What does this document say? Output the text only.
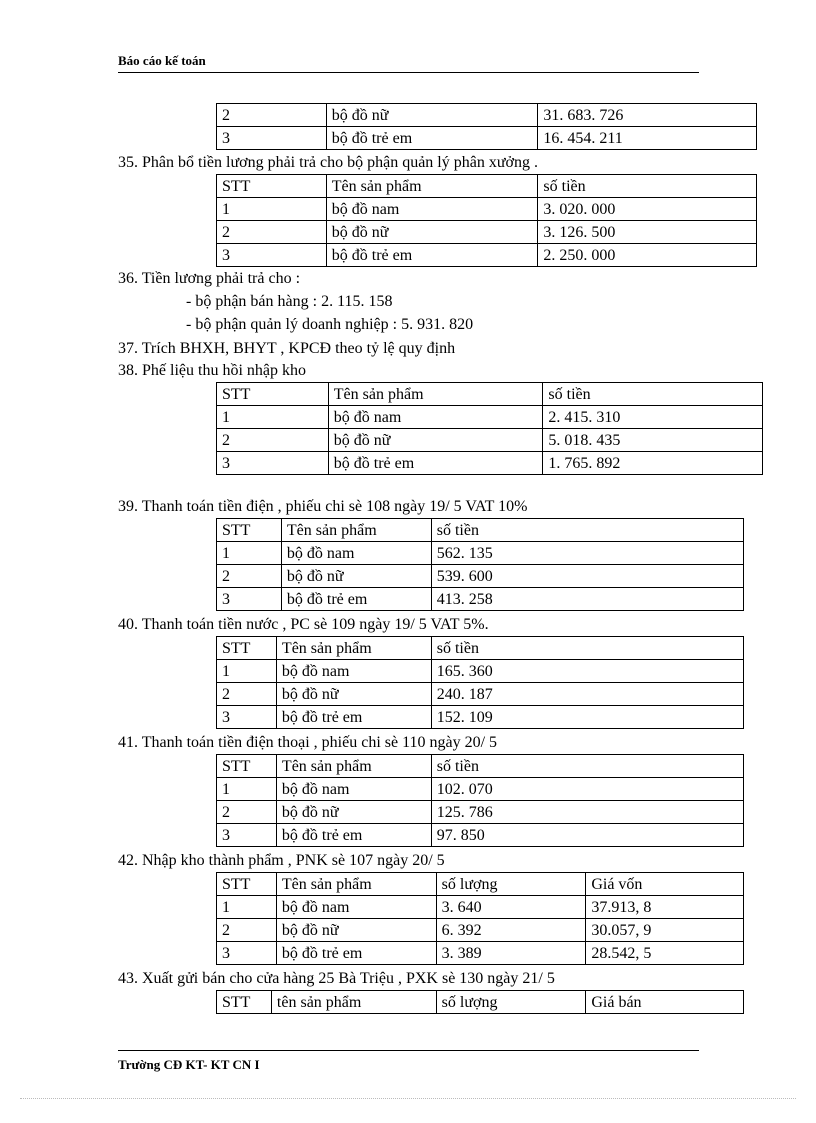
Báo cáo kế toán
2	bộ đồ nữ	31. 683. 726
3	bộ đồ trẻ em	16. 454. 211
35. Phân bổ tiền lương phải trả cho bộ phận quản lý phân xưởng .
STT	Tên sản phẩm	số tiền
1	bộ đồ nam	3. 020. 000
2	bộ đồ nữ	3. 126. 500
3	bộ đồ trẻ em	2. 250. 000
36. Tiền lương phải trả cho :
- bộ phận bán hàng : 2. 115. 158
- bộ phận quản lý doanh nghiệp : 5. 931. 820
37. Trích BHXH, BHYT , KPCĐ theo tỷ lệ quy định
38. Phế liệu thu hồi nhập kho
STT	Tên sản phẩm	số tiền
1	bộ đồ nam	2. 415. 310
2	bộ đồ nữ	5. 018. 435
3	bộ đồ trẻ em	1. 765. 892
39. Thanh toán tiền điện , phiếu chi sè 108 ngày 19/ 5 VAT 10%
STT	Tên sản phẩm	số tiền
1	bộ đồ nam	562. 135
2	bộ đồ nữ	539. 600
3	bộ đồ trẻ em	413. 258
40. Thanh toán tiền nước , PC sè 109 ngày 19/ 5 VAT 5%.
STT	Tên sản phẩm	số tiền
1	bộ đồ nam	165. 360
2	bộ đồ nữ	240. 187
3	bộ đồ trẻ em	152. 109
41. Thanh toán tiền điện thoại , phiếu chi sè 110 ngày 20/ 5
STT	Tên sản phẩm	số tiền
1	bộ đồ nam	102. 070
2	bộ đồ nữ	125. 786
3	bộ đồ trẻ em	97. 850
42. Nhập kho thành phẩm , PNK sè 107 ngày 20/ 5
STT	Tên sản phẩm	số lượng	Giá vốn
1	bộ đồ nam	3. 640	37.913, 8
2	bộ đồ nữ	6. 392	30.057, 9
3	bộ đồ trẻ em	3. 389	28.542, 5
43. Xuất gửi bán cho cửa hàng 25 Bà Triệu , PXK sè 130 ngày 21/ 5
STT	tên sản phẩm	số lượng	Giá bán
Trường CĐ KT- KT CN I
